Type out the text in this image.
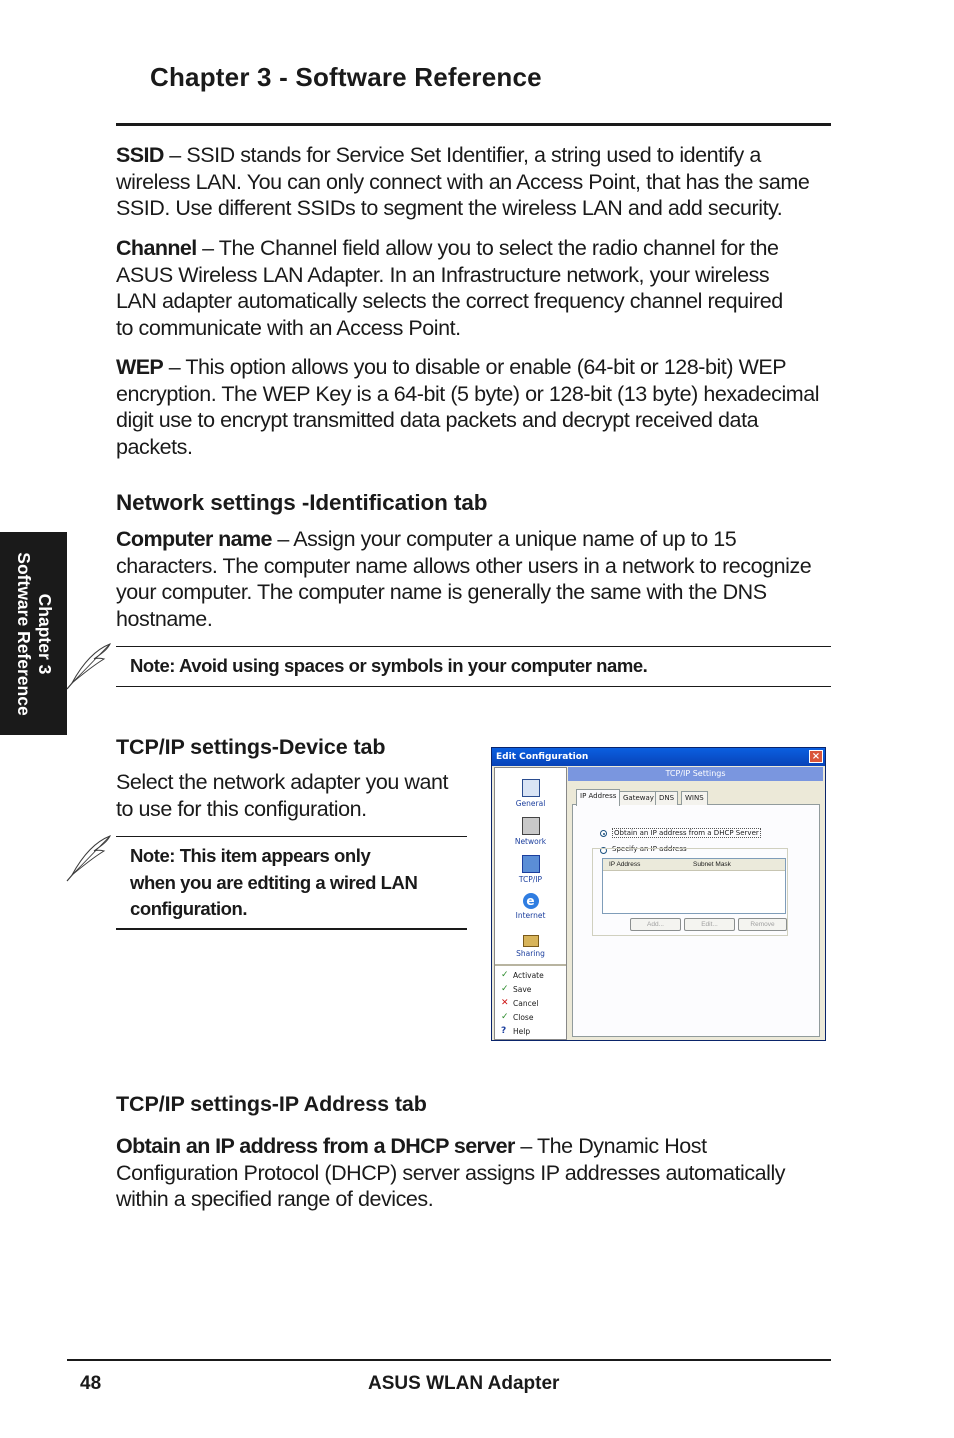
Chapter 3 - Software Reference
Chapter 3
Software Reference
SSID – SSID stands for Service Set Identifier, a string used to identify a wireless LAN. You can only connect with an Access Point, that has the same SSID. Use different SSIDs to segment the wireless LAN and add security.
Channel – The Channel field allow you to select the radio channel for the ASUS Wireless LAN Adapter. In an Infrastructure network, your wireless LAN adapter automatically selects the correct frequency channel required to communicate with an Access Point.
WEP – This option allows you to disable or enable (64-bit or 128-bit) WEP encryption. The WEP Key is a 64-bit (5 byte) or 128-bit (13 byte) hexadecimal digit use to encrypt transmitted data packets and decrypt received data packets.
Network settings -Identification tab
Computer name – Assign your computer a unique name of up to 15 characters. The computer name allows other users in a network to recognize your computer. The computer name is generally the same with the DNS hostname.
Note: Avoid using spaces or symbols in your computer name.
TCP/IP settings-Device tab
Select the network adapter you want to use for this configuration.
Note: This item appears only
when you are edtiting a wired LAN
configuration.
Edit Configuration	×
General
Network
TCP/IP
e
Internet
Sharing
✓ Activate
✓ Save
✕ Cancel
✓ Close
? Help
TCP/IP Settings
IP Address Gateway DNS	WINS
Obtain an IP address from a DHCP Server
Specify an IP address
IP Address	Subnet Mask
Add...	Edit...	Remove
TCP/IP settings-IP Address tab
Obtain an IP address from a DHCP server – The Dynamic Host Configuration Protocol (DHCP) server assigns IP addresses automatically within a specified range of devices.
48	ASUS WLAN Adapter
